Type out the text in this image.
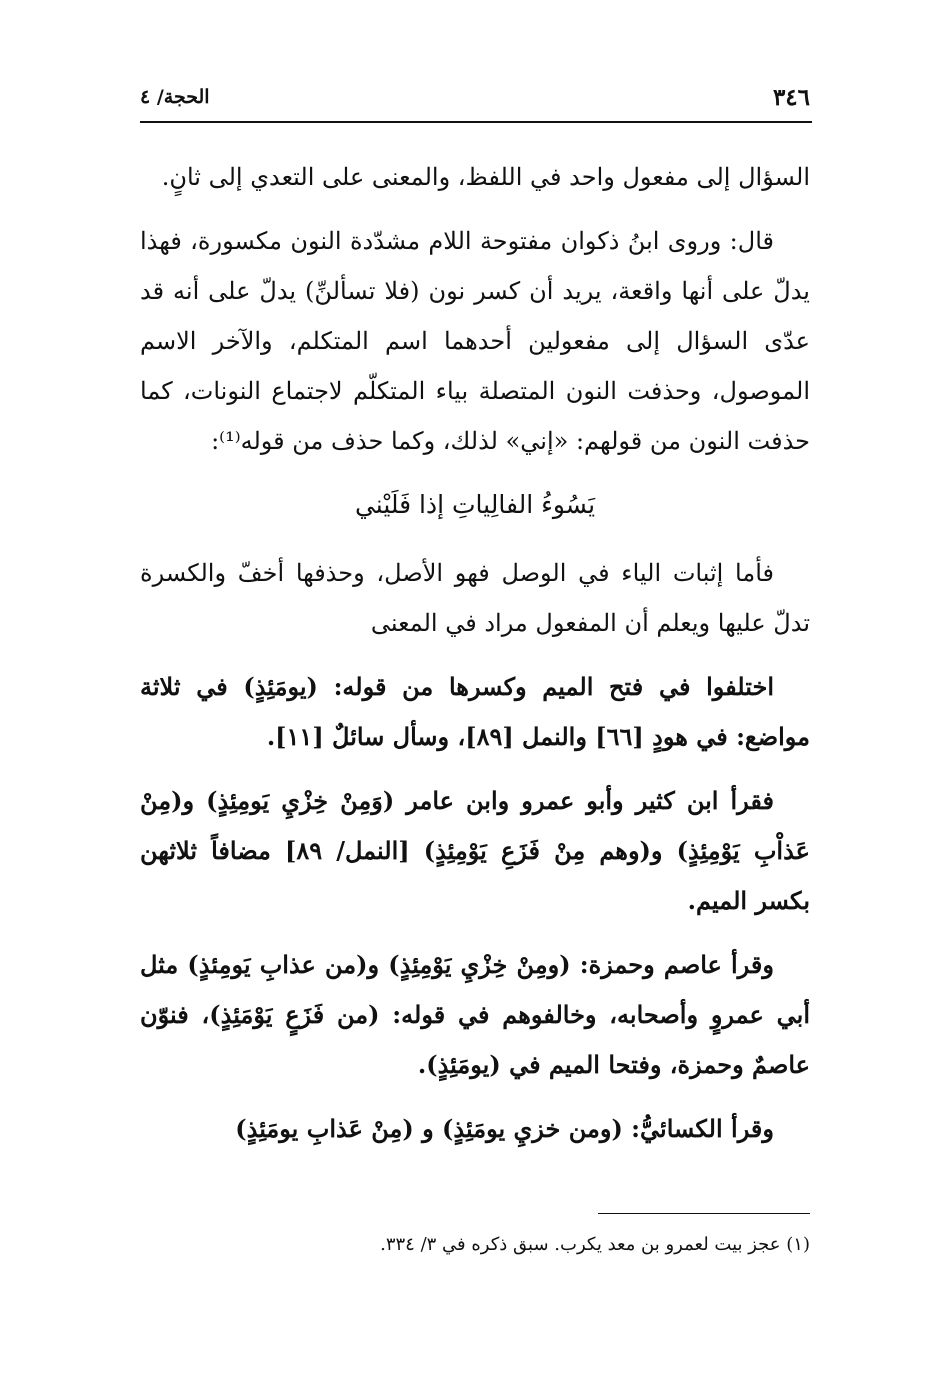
٣٤٦
الحجة/ ٤

السؤال إلى مفعول واحد في اللفظ، والمعنى على التعدي إلى ثانٍ.

قال: وروى ابنُ ذكوان مفتوحة اللام مشدّدة النون مكسورة، فهذا يدلّ على أنها واقعة، يريد أن كسر نون (فلا تسألنِّ) يدلّ على أنه قد عدّى السؤال إلى مفعولين أحدهما اسم المتكلم، والآخر الاسم الموصول، وحذفت النون المتصلة بياء المتكلّم لاجتماع النونات، كما حذفت النون من قولهم: «إني» لذلك، وكما حذف من قوله⁽¹⁾:

يَسُوءُ الفالِياتِ إذا فَلَيْني

فأما إثبات الياء في الوصل فهو الأصل، وحذفها أخفّ والكسرة تدلّ عليها ويعلم أن المفعول مراد في المعنى

اختلفوا في فتح الميم وكسرها من قوله: (يومَئِذٍ) في ثلاثة مواضع: في هودٍ [٦٦] والنمل [٨٩]، وسأل سائلٌ [١١].

فقرأ ابن كثير وأبو عمرو وابن عامر (وَمِنْ خِزْيِ يَومِئِذٍ) و(مِنْ عَذاْبِ يَوْمِئِذٍ) و(وهم مِنْ فَزَعِ يَوْمِئِذٍ) [النمل/ ٨٩] مضافاً ثلاثهن بكسر الميم.

وقرأ عاصم وحمزة: (ومِنْ خِزْيِ يَوْمِئِذٍ) و(من عذابِ يَومِئذٍ) مثل أبي عمروٍ وأصحابه، وخالفوهم في قوله: (من فَزَعٍ يَوْمَئِذٍ)، فنوّن عاصمٌ وحمزة، وفتحا الميم في (يومَئِذٍ).

وقرأ الكسائيُّ: (ومن خزيِ يومَئِذٍ) و (مِنْ عَذابِ يومَئِذٍ)

(١) عجز بيت لعمرو بن معد يكرب. سبق ذكره في ٣/ ٣٣٤.
